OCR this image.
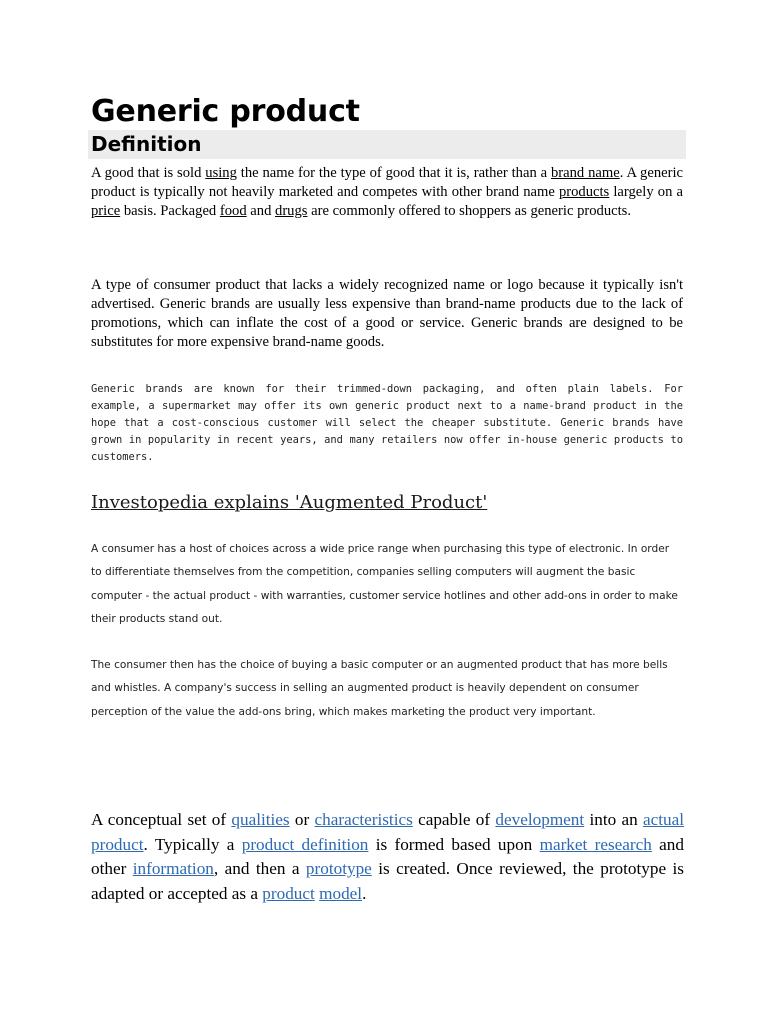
Generic product
Definition

A good that is sold using the name for the type of good that it is, rather than a brand name. A generic product is typically not heavily marketed and competes with other brand name products largely on a price basis. Packaged food and drugs are commonly offered to shoppers as generic products.

A type of consumer product that lacks a widely recognized name or logo because it typically isn't advertised. Generic brands are usually less expensive than brand-name products due to the lack of promotions, which can inflate the cost of a good or service. Generic brands are designed to be substitutes for more expensive brand-name goods.

Generic brands are known for their trimmed-down packaging, and often plain labels. For example, a supermarket may offer its own generic product next to a name-brand product in the hope that a cost-conscious customer will select the cheaper substitute. Generic brands have grown in popularity in recent years, and many retailers now offer in-house generic products to customers.

Investopedia explains 'Augmented Product'

A consumer has a host of choices across a wide price range when purchasing this type of electronic. In order to differentiate themselves from the competition, companies selling computers will augment the basic computer - the actual product - with warranties, customer service hotlines and other add-ons in order to make their products stand out.

The consumer then has the choice of buying a basic computer or an augmented product that has more bells and whistles. A company's success in selling an augmented product is heavily dependent on consumer perception of the value the add-ons bring, which makes marketing the product very important.

A conceptual set of qualities or characteristics capable of development into an actual product. Typically a product definition is formed based upon market research and other information, and then a prototype is created. Once reviewed, the prototype is adapted or accepted as a product model.
